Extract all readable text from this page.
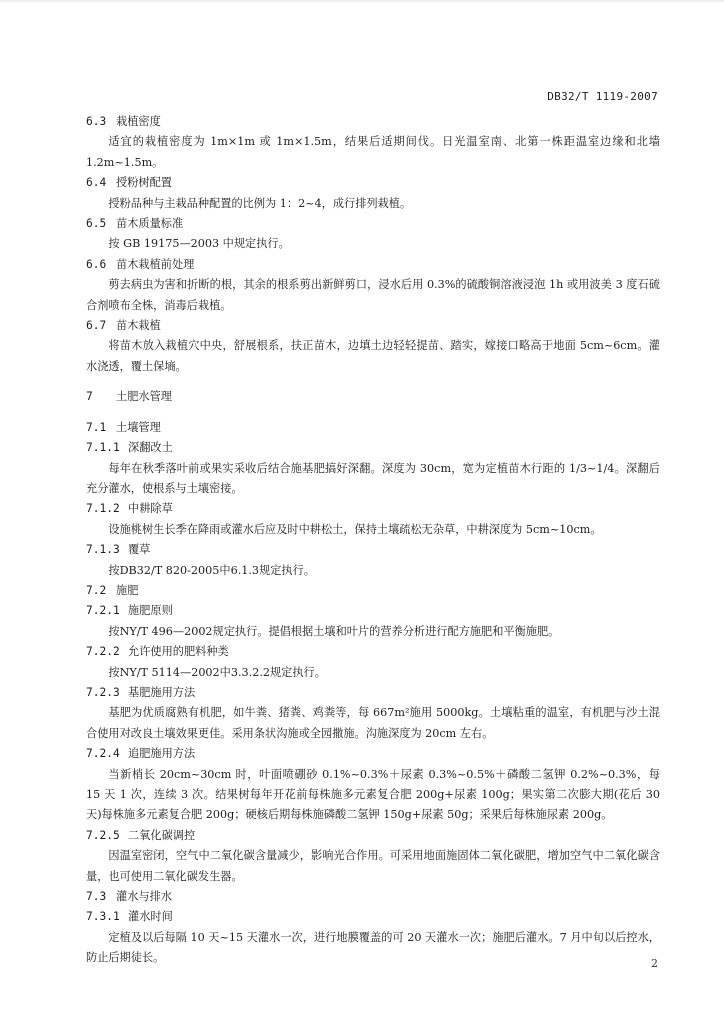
DB32/T 1119-2007
6.3 栽植密度

适宜的栽植密度为 1m×1m 或 1m×1.5m，结果后适期间伐。日光温室南、北第一株距温室边缘和北墙 1.2m~1.5m。

6.4 授粉树配置

授粉品种与主栽品种配置的比例为 1：2~4，成行排列栽植。

6.5 苗木质量标准

按 GB 19175—2003 中规定执行。

6.6 苗木栽植前处理

剪去病虫为害和折断的根，其余的根系剪出新鲜剪口，浸水后用 0.3%的硫酸铜溶液浸泡 1h 或用波美 3 度石硫合剂喷布全株，消毒后栽植。

6.7 苗木栽植

将苗木放入栽植穴中央，舒展根系，扶正苗木，边填土边轻轻提苗、踏实，嫁接口略高于地面 5cm~6cm。灌水浇透，覆土保墒。

7 土肥水管理
7.1 土壤管理
7.1.1 深翻改土

每年在秋季落叶前或果实采收后结合施基肥搞好深翻。深度为 30cm，宽为定植苗木行距的 1/3~1/4。深翻后充分灌水，使根系与土壤密接。

7.1.2 中耕除草

设施桃树生长季在降雨或灌水后应及时中耕松土，保持土壤疏松无杂草，中耕深度为 5cm~10cm。

7.1.3 覆草

按DB32/T 820-2005中6.1.3规定执行。

7.2 施肥
7.2.1 施肥原则

按NY/T 496—2002规定执行。提倡根据土壤和叶片的营养分析进行配方施肥和平衡施肥。

7.2.2 允许使用的肥料种类

按NY/T 5114—2002中3.3.2.2规定执行。

7.2.3 基肥施用方法

基肥为优质腐熟有机肥，如牛粪、猪粪、鸡粪等，每 667m²施用 5000kg。土壤粘重的温室，有机肥与沙土混合使用对改良土壤效果更佳。采用条状沟施或全园撒施。沟施深度为 20cm 左右。

7.2.4 追肥施用方法

当新梢长 20cm~30cm 时，叶面喷硼砂 0.1%~0.3%＋尿素 0.3%~0.5%＋磷酸二氢钾 0.2%~0.3%，每 15 天 1 次，连续 3 次。结果树每年开花前每株施多元素复合肥 200g+尿素 100g；果实第二次膨大期(花后 30 天)每株施多元素复合肥 200g；硬核后期每株施磷酸二氢钾 150g+尿素 50g；采果后每株施尿素 200g。

7.2.5 二氧化碳调控

因温室密闭，空气中二氧化碳含量减少，影响光合作用。可采用地面施固体二氧化碳肥，增加空气中二氧化碳含量，也可使用二氧化碳发生器。

7.3 灌水与排水
7.3.1 灌水时间

定植及以后每隔 10 天~15 天灌水一次，进行地膜覆盖的可 20 天灌水一次；施肥后灌水。7 月中旬以后控水，防止后期徒长。	2
